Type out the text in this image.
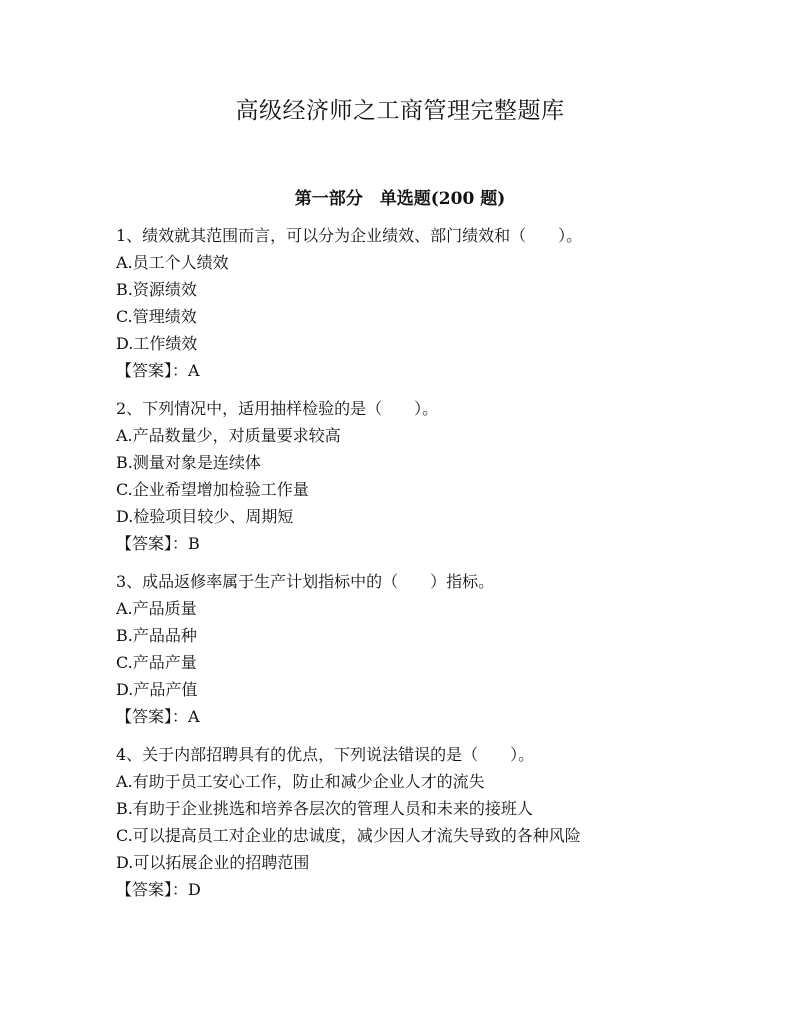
高级经济师之工商管理完整题库
第一部分　单选题(200 题)
1、绩效就其范围而言，可以分为企业绩效、部门绩效和（　　）。
A.员工个人绩效
B.资源绩效
C.管理绩效
D.工作绩效
【答案】：A
2、下列情况中，适用抽样检验的是（　　）。
A.产品数量少，对质量要求较高
B.测量对象是连续体
C.企业希望增加检验工作量
D.检验项目较少、周期短
【答案】：B
3、成品返修率属于生产计划指标中的（　　）指标。
A.产品质量
B.产品品种
C.产品产量
D.产品产值
【答案】：A
4、关于内部招聘具有的优点，下列说法错误的是（　　）。
A.有助于员工安心工作，防止和减少企业人才的流失
B.有助于企业挑选和培养各层次的管理人员和未来的接班人
C.可以提高员工对企业的忠诚度，减少因人才流失导致的各种风险
D.可以拓展企业的招聘范围
【答案】：D
